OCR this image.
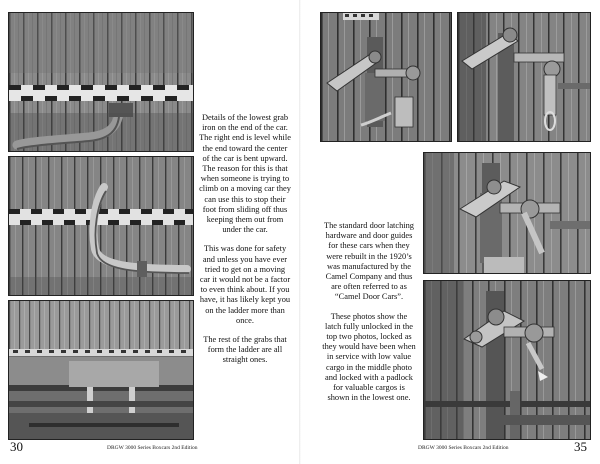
Details of the lowest grab iron on the end of the car. The right end is level while the end toward the center of the car is bent upward. The reason for this is that when someone is trying to climb on a moving car they can use this to stop their foot from sliding off thus keeping them out from under the car.

This was done for safety and unless you have ever tried to get on a moving car it would not be a factor to even think about. If you have, it has likely kept you on the ladder more than once.

The rest of the grabs that form the ladder are all straight ones.

30	DRGW 3000 Series Boxcars 2nd Edition

The standard door latching hardware and door guides for these cars when they were rebuilt in the 1920’s was manufactured by the Camel Company and thus are often referred to as “Camel Door Cars”.

These photos show the latch fully unlocked in the top two photos, locked as they would have been when in service with low value cargo in the middle photo and locked with a padlock for valuable cargos is shown in the lowest one.

DRGW 3000 Series Boxcars 2nd Edition	35
